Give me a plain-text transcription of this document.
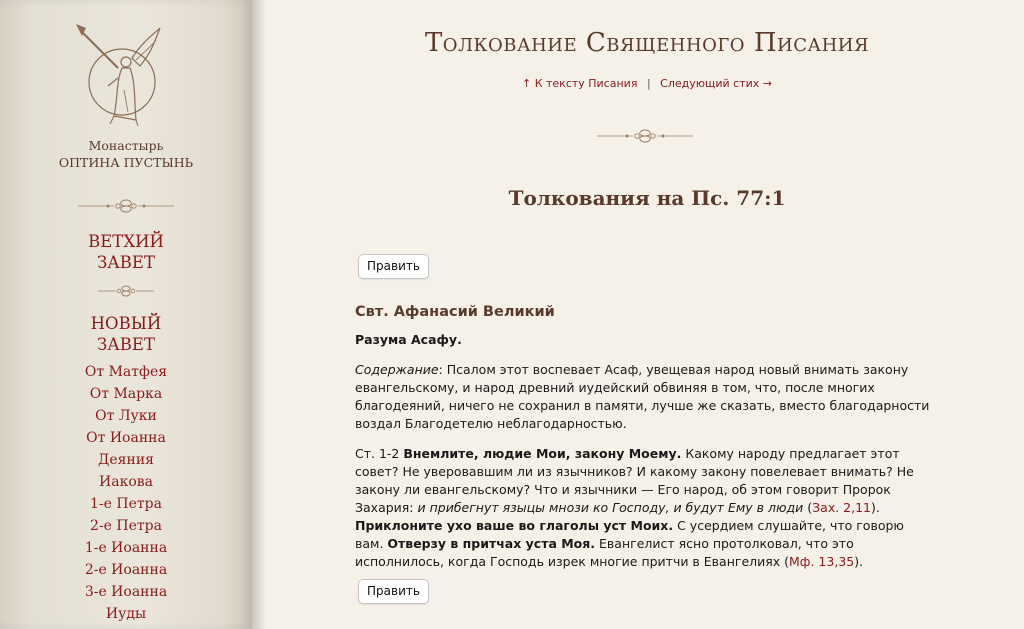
Монастырь
ОПТИНА ПУСТЫНЬ
ВЕТХИЙ
ЗАВЕТ
НОВЫЙ
ЗАВЕТ
От Матфея
От Марка
От Луки
От Иоанна
Деяния
Иакова
1-е Петра
2-е Петра
1-е Иоанна
2-е Иоанна
3-е Иоанна
Иуды
Толкование Священного Писания
↑ К тексту Писания | Следующий стих →
Толкования на Пс. 77:1
Править
Свт. Афанасий Великий

Разума Асафу.

Содержание: Псалом этот воспевает Асаф, увещевая народ новый внимать закону евангельскому, и народ древний иудейский обвиняя в том, что, после многих благодеяний, ничего не сохранил в памяти, лучше же сказать, вместо благодарности воздал Благодетелю неблагодарностью.

Ст. 1-2 Внемлите, людие Мои, закону Моему. Какому народу предлагает этот совет? Не уверовавшим ли из язычников? И какому закону повелевает внимать? Не закону ли евангельскому? Что и язычники — Его народ, об этом говорит Пророк Захария: и прибегнут языцы мнози ко Господу, и будут Ему в люди (Зах. 2,11). Приклоните ухо ваше во глаголы уст Моих. С усердием слушайте, что говорю вам. Отверзу в притчах уста Моя. Евангелист ясно протолковал, что это исполнилось, когда Господь изрек многие притчи в Евангелиях (Мф. 13,35).

Править
